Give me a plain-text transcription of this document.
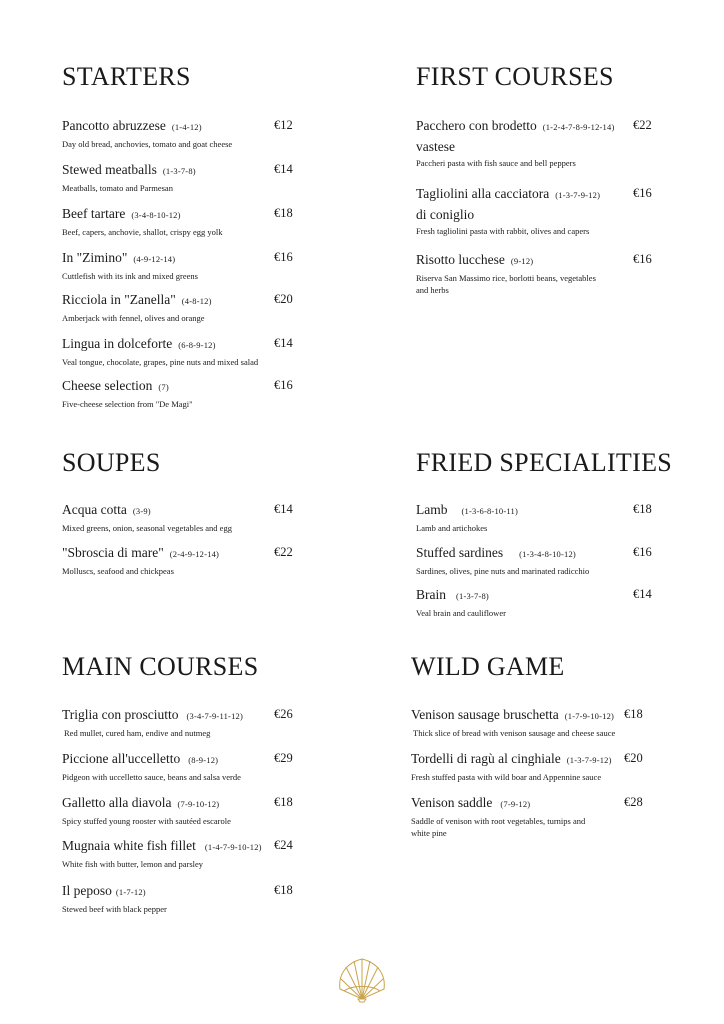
STARTERS
Pancotto abruzzese (1-4-12)
Day old bread, anchovies, tomato and goat cheese
€12
Stewed meatballs (1-3-7-8)
Meatballs, tomato and Parmesan
€14
Beef tartare (3-4-8-10-12)
Beef, capers, anchovie, shallot, crispy egg yolk
€18
In "Zimino" (4-9-12-14)
Cuttlefish with its ink and mixed greens
€16
Ricciola in "Zanella" (4-8-12)
Amberjack with fennel, olives and orange
€20
Lingua in dolceforte (6-8-9-12)
Veal tongue, chocolate, grapes, pine nuts and mixed salad
€14
Cheese selection (7)
Five-cheese selection from "De Magi"
€16
FIRST COURSES
Pacchero con brodetto (1-2-4-7-8-9-12-14)
vastese
Paccheri pasta with fish sauce and bell peppers
€22
Tagliolini alla cacciatora (1-3-7-9-12)
di coniglio
Fresh tagliolini pasta with rabbit, olives and capers
€16
Risotto lucchese (9-12)
Riserva San Massimo rice, borlotti beans, vegetables
and herbs
€16
SOUPES
Acqua cotta (3-9)
Mixed greens, onion, seasonal vegetables and egg
€14
"Sbroscia di mare" (2-4-9-12-14)
Molluscs, seafood and chickpeas
€22
FRIED SPECIALITIES
Lamb (1-3-6-8-10-11)
Lamb and artichokes
€18
Stuffed sardines (1-3-4-8-10-12)
Sardines, olives, pine nuts and marinated radicchio
€16
Brain (1-3-7-8)
Veal brain and cauliflower
€14
MAIN COURSES
Triglia con prosciutto (3-4-7-9-11-12)
Red mullet, cured ham, endive and nutmeg
€26
Piccione all'uccelletto (8-9-12)
Pidgeon with uccelletto sauce, beans and salsa verde
€29
Galletto alla diavola (7-9-10-12)
Spicy stuffed young rooster with sautéed escarole
€18
Mugnaia white fish fillet (1-4-7-9-10-12)
White fish with butter, lemon and parsley
€24
Il peposo (1-7-12)
Stewed beef with black pepper
€18
WILD GAME
Venison sausage bruschetta (1-7-9-10-12)
Thick slice of bread with venison sausage and cheese sauce
€18
Tordelli di ragù al cinghiale (1-3-7-9-12)
Fresh stuffed pasta with wild boar and Appennine sauce
€20
Venison saddle (7-9-12)
Saddle of venison with root vegetables, turnips and
white pine
€28
